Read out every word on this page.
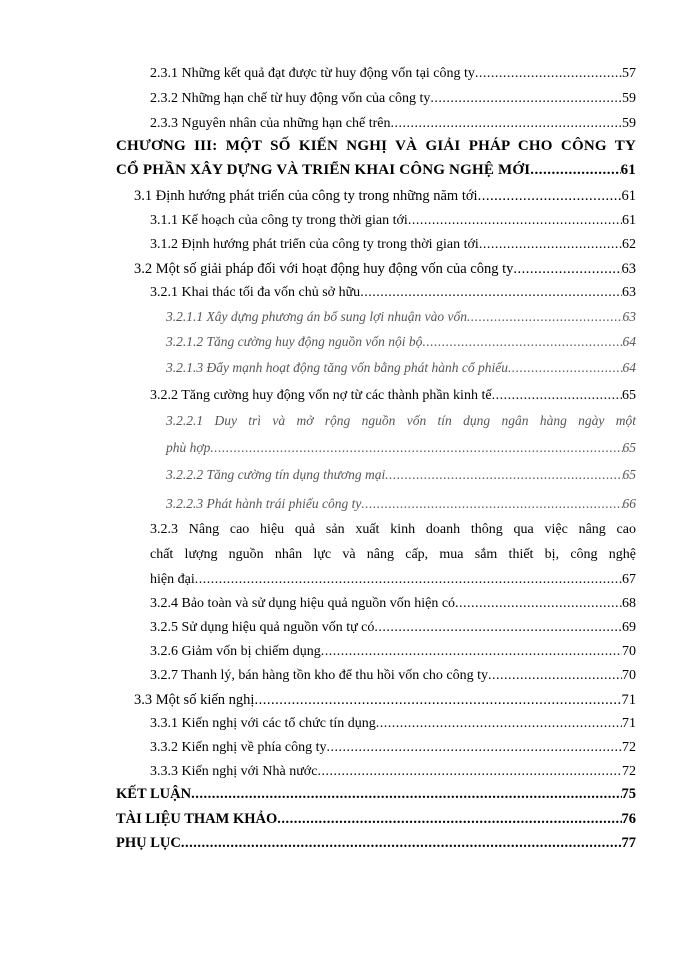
2.3.1 Những kết quả đạt được từ huy động vốn tại công ty .....	57
2.3.2 Những hạn chế từ huy động vốn của công ty .....	59
2.3.3 Nguyên nhân của những hạn chế trên .....	59
CHƯƠNG III: MỘT SỐ KIẾN NGHỊ VÀ GIẢI PHÁP CHO CÔNG TY
CỔ PHẦN XÂY DỰNG VÀ TRIỂN KHAI CÔNG NGHỆ MỚI .....	61
3.1 Định hướng phát triển của công ty trong những năm tới .....	61
3.1.1 Kế hoạch của công ty trong thời gian tới .....	61
3.1.2 Định hướng phát triển của công ty trong thời gian tới .....	62
3.2 Một số giải pháp đối với hoạt động huy động vốn của công ty .....	63
3.2.1 Khai thác tối đa vốn chủ sở hữu .....	63
3.2.1.1 Xây dựng phương án bổ sung lợi nhuận vào vốn .....	63
3.2.1.2 Tăng cường huy động nguồn vốn nội bộ .....	64
3.2.1.3 Đẩy mạnh hoạt động tăng vốn bằng phát hành cổ phiếu .....	64
3.2.2 Tăng cường huy động vốn nợ từ các thành phần kinh tế .....	65
3.2.2.1 Duy trì và mở rộng nguồn vốn tín dụng ngân hàng ngày một
phù hợp .....	65
3.2.2.2 Tăng cường tín dụng thương mại .....	65
3.2.2.3 Phát hành trái phiếu công ty .....	66
3.2.3 Nâng cao hiệu quả sản xuất kinh doanh thông qua việc nâng cao
chất lượng nguồn nhân lực và nâng cấp, mua sắm thiết bị, công nghệ
hiện đại .....	67
3.2.4 Bảo toàn và sử dụng hiệu quả nguồn vốn hiện có .....	68
3.2.5 Sử dụng hiệu quả nguồn vốn tự có .....	69
3.2.6 Giảm vốn bị chiếm dụng .....	70
3.2.7 Thanh lý, bán hàng tồn kho để thu hồi vốn cho công ty .....	70
3.3 Một số kiến nghị .....	71
3.3.1 Kiến nghị với các tổ chức tín dụng .....	71
3.3.2 Kiến nghị về phía công ty .....	72
3.3.3 Kiến nghị với Nhà nước .....	72
KẾT LUẬN .....	75
TÀI LIỆU THAM KHẢO .....	76
PHỤ LỤC .....	77
